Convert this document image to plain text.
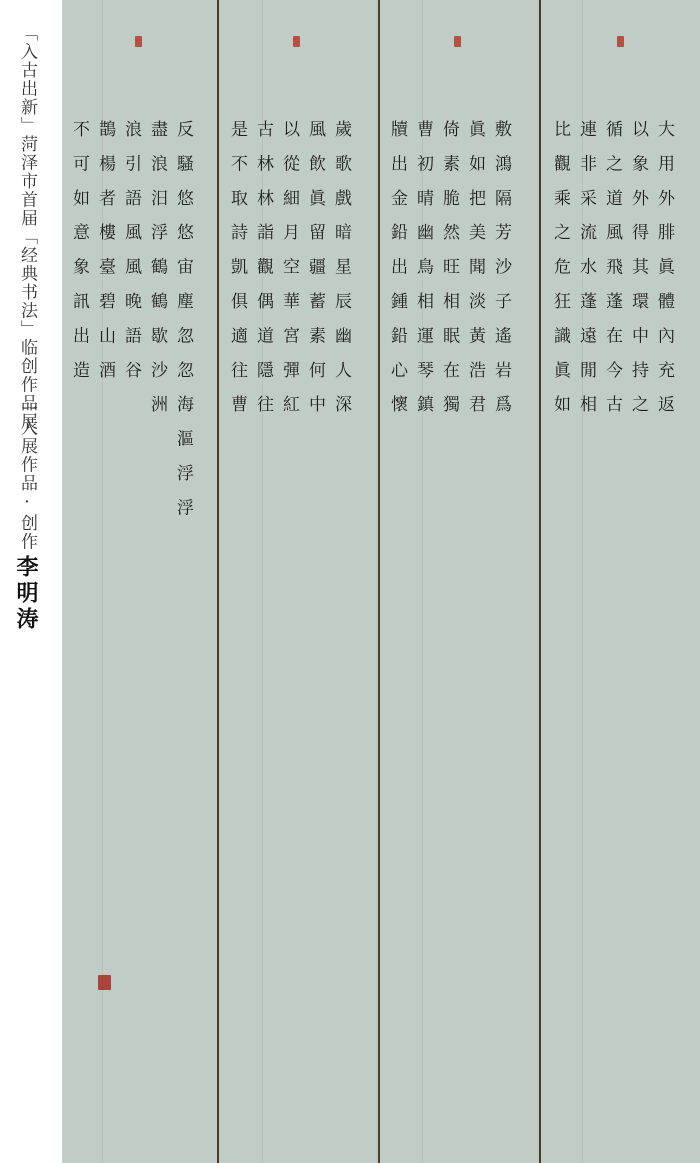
「入古出新」菏泽市首届「经典书法」临创作品展
一入展作品·创作一
李明涛
反騷悠悠宙塵忽忽海漚浮浮
盡浪汨浮鶴鶴歇沙洲
浪引語風風晚語谷
鵲楊者樓臺碧山酒
不可如意象訊出造	歲歌戲暗星辰幽人深
風飲眞留疆蓄素何中
以從細月空華宮彈紅
古林林詣觀偶道隱往
是不取詩凱俱適往曹	敷鴻隔芳沙子遙岩爲
眞如把美聞淡黃浩君
倚素脆然旺相眠在獨
曹初晴幽鳥相運琴鎮
牘出金鉛出鍾鉛心懷	大用外腓眞體內充返
以象外得其環中持之
循之道風飛蓬在今古
連非采流水蓬遠閒相
比觀乘之危狂識眞如
